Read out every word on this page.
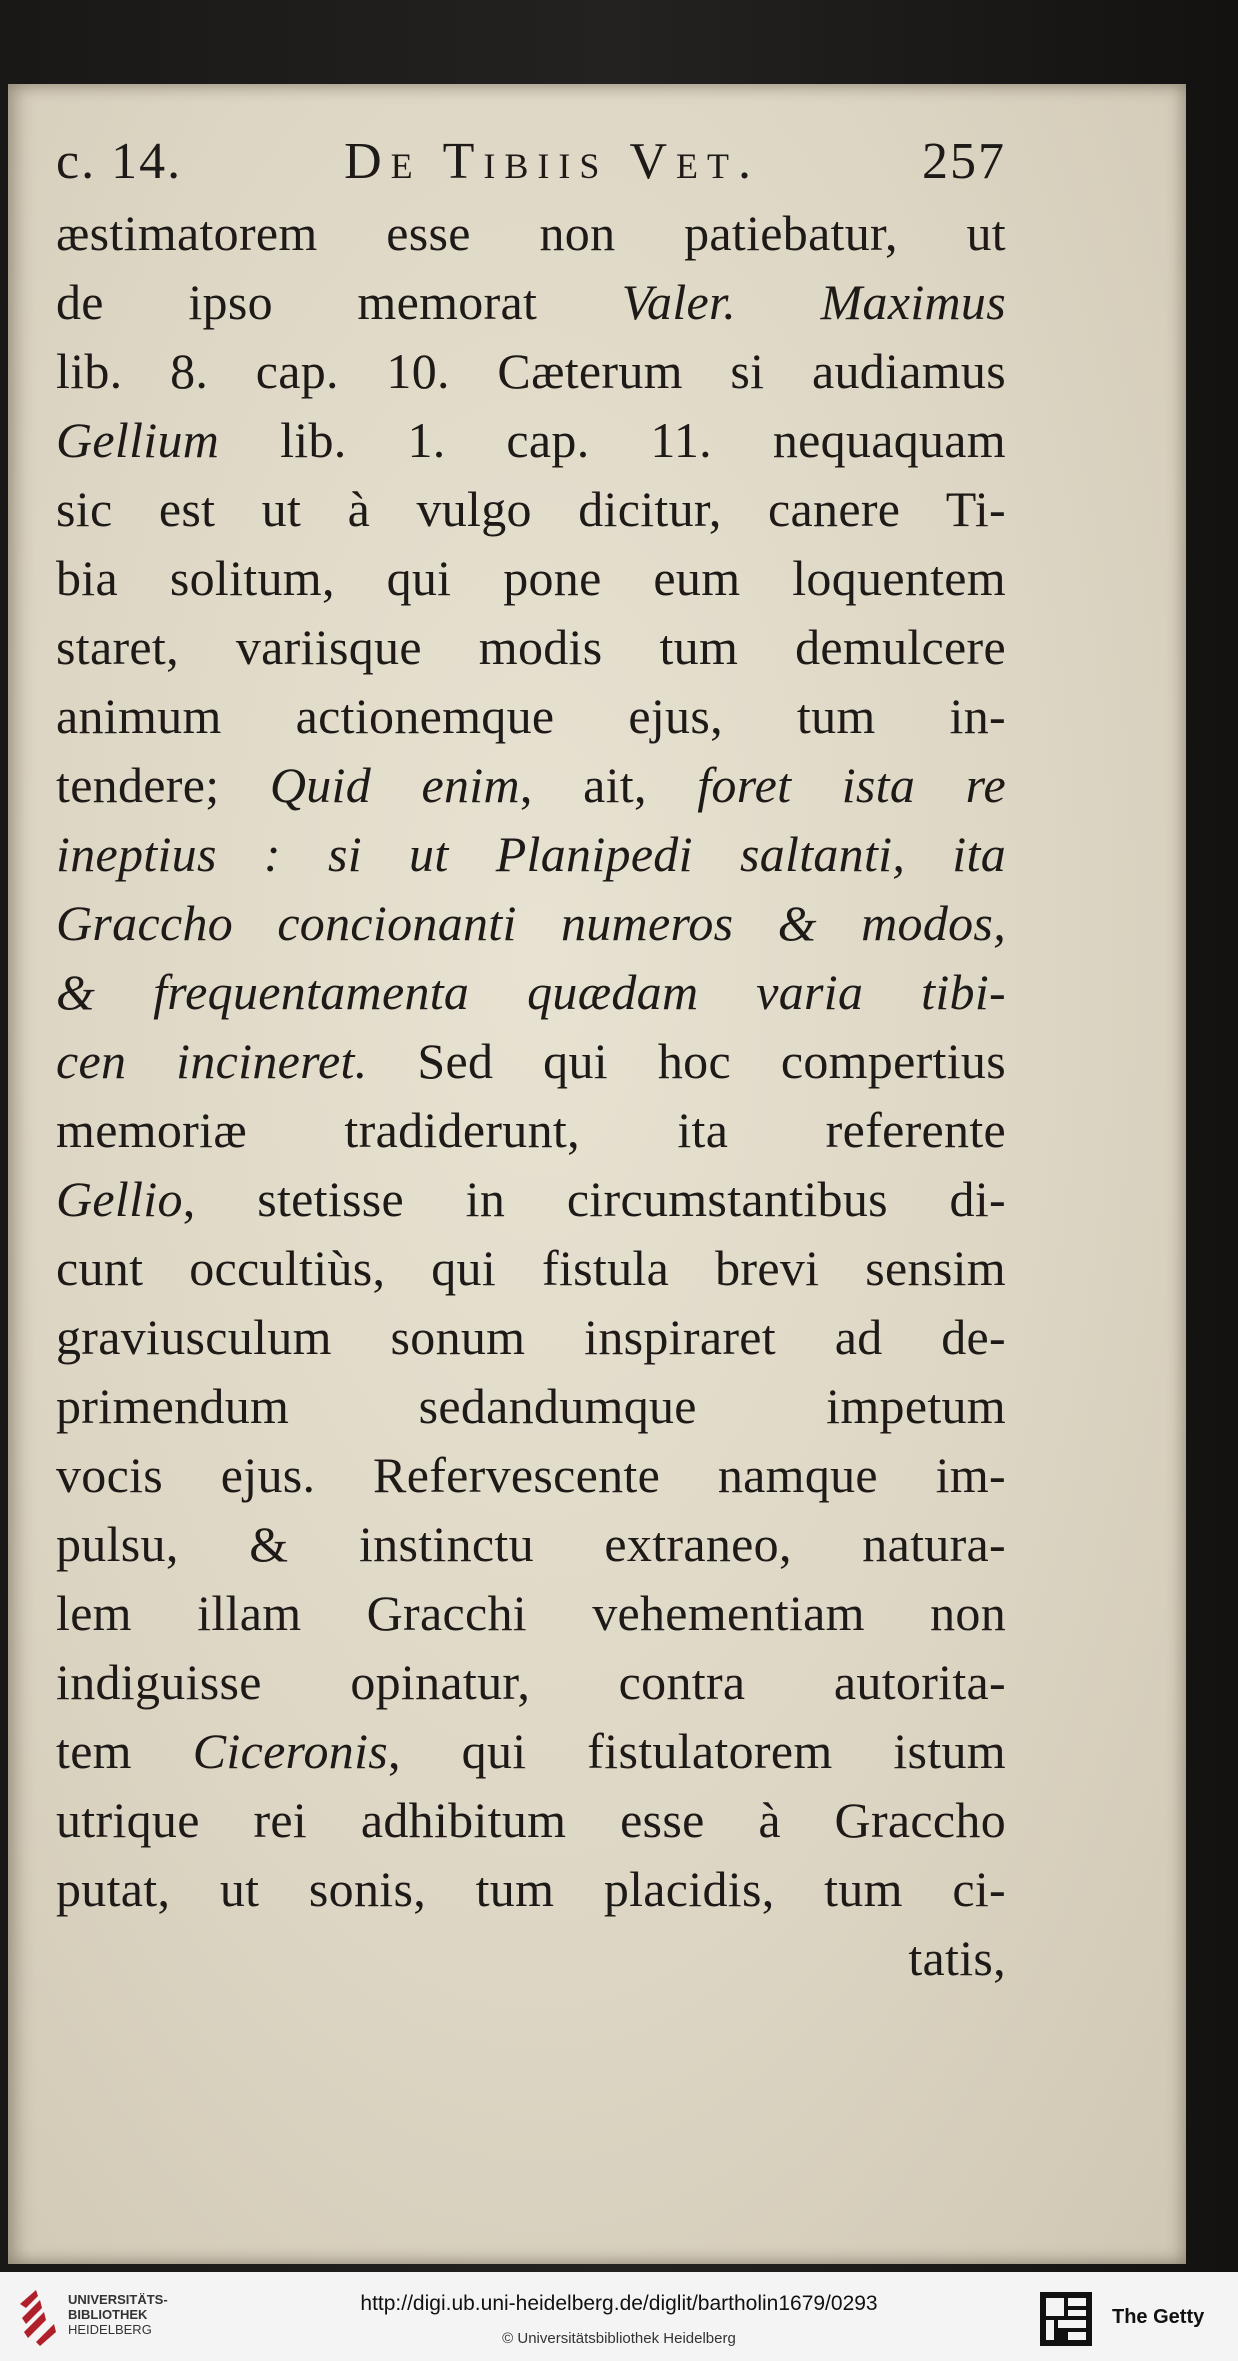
c. 14.	De Tibiis Vet.	257
æstimatorem esse non patiebatur, ut
de ipso memorat Valer. Maximus
lib. 8. cap. 10. Cæterum si audiamus
Gellium lib. 1. cap. 11. nequaquam
sic est ut à vulgo dicitur, canere Ti-
bia solitum, qui pone eum loquentem
staret, variisque modis tum demulcere
animum actionemque ejus, tum in-
tendere; Quid enim, ait, foret ista re
ineptius : si ut Planipedi saltanti, ita
Graccho concionanti numeros & modos,
& frequentamenta quædam varia tibi-
cen incineret. Sed qui hoc compertius
memoriæ tradiderunt, ita referente
Gellio, stetisse in circumstantibus di-
cunt occultiùs, qui fistula brevi sensim
graviusculum sonum inspiraret ad de-
primendum sedandumque impetum
vocis ejus. Refervescente namque im-
pulsu, & instinctu extraneo, natura-
lem illam Gracchi vehementiam non
indiguisse opinatur, contra autorita-
tem Ciceronis, qui fistulatorem istum
utrique rei adhibitum esse à Graccho
putat, ut sonis, tum placidis, tum ci-
tatis,
UNIVERSITÄTS-
BIBLIOTHEK
HEIDELBERG
http://digi.ub.uni-heidelberg.de/diglit/bartholin1679/0293
© Universitätsbibliothek Heidelberg
The Getty
